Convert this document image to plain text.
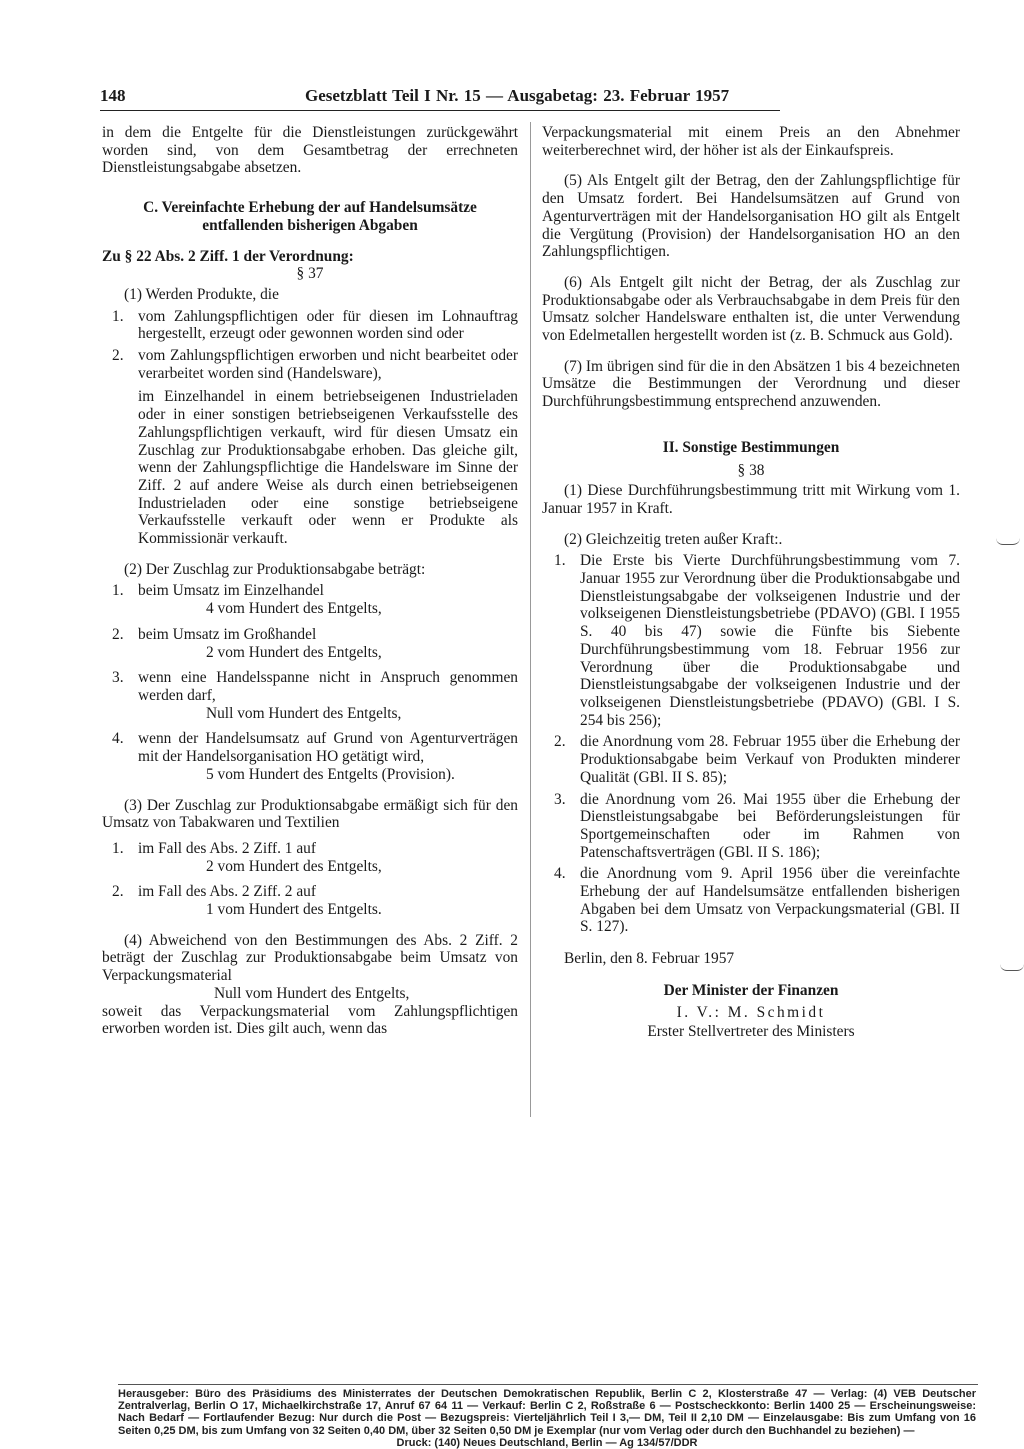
148	Gesetzblatt Teil I Nr. 15 — Ausgabetag: 23. Februar 1957

in dem die Entgelte für die Dienstleistungen zurückgewährt worden sind, von dem Gesamtbetrag der errechneten Dienstleistungsabgabe absetzen.

C. Vereinfachte Erhebung der auf Handelsumsätze

entfallenden bisherigen Abgaben

Zu § 22 Abs. 2 Ziff. 1 der Verordnung:

§ 37

(1) Werden Produkte, die

1. vom Zahlungspflichtigen oder für diesen im Lohnauftrag hergestellt, erzeugt oder gewonnen worden sind oder
2. vom Zahlungspflichtigen erworben und nicht bearbeitet oder verarbeitet worden sind (Handelsware),

im Einzelhandel in einem betriebseigenen Industrieladen oder in einer sonstigen betriebseigenen Verkaufsstelle des Zahlungspflichtigen verkauft, wird für diesen Umsatz ein Zuschlag zur Produktionsabgabe erhoben. Das gleiche gilt, wenn der Zahlungspflichtige die Handelsware im Sinne der Ziff. 2 auf andere Weise als durch einen betriebseigenen Industrieladen oder eine sonstige betriebseigene Verkaufsstelle verkauft oder wenn er Produkte als Kommissionär verkauft.

(2) Der Zuschlag zur Produktionsabgabe beträgt:

1. beim Umsatz im Einzelhandel

4 vom Hundert des Entgelts,

2. beim Umsatz im Großhandel

2 vom Hundert des Entgelts,

3. wenn eine Handelsspanne nicht in Anspruch genommen werden darf,

Null vom Hundert des Entgelts,

4. wenn der Handelsumsatz auf Grund von Agenturverträgen mit der Handelsorganisation HO getätigt wird,

5 vom Hundert des Entgelts (Provision).

(3) Der Zuschlag zur Produktionsabgabe ermäßigt sich für den Umsatz von Tabakwaren und Textilien

1. im Fall des Abs. 2 Ziff. 1 auf

2 vom Hundert des Entgelts,

2. im Fall des Abs. 2 Ziff. 2 auf

1 vom Hundert des Entgelts.

(4) Abweichend von den Bestimmungen des Abs. 2 Ziff. 2 beträgt der Zuschlag zur Produktionsabgabe beim Umsatz von Verpackungsmaterial

Null vom Hundert des Entgelts,

soweit das Verpackungsmaterial vom Zahlungspflichtigen erworben worden ist. Dies gilt auch, wenn das

Verpackungsmaterial mit einem Preis an den Abnehmer weiterberechnet wird, der höher ist als der Einkaufspreis.

(5) Als Entgelt gilt der Betrag, den der Zahlungspflichtige für den Umsatz fordert. Bei Handelsumsätzen auf Grund von Agenturverträgen mit der Handelsorganisation HO gilt als Entgelt die Vergütung (Provision) der Handelsorganisation HO an den Zahlungspflichtigen.

(6) Als Entgelt gilt nicht der Betrag, der als Zuschlag zur Produktionsabgabe oder als Verbrauchsabgabe in dem Preis für den Umsatz solcher Handelsware enthalten ist, die unter Verwendung von Edelmetallen hergestellt worden ist (z. B. Schmuck aus Gold).

(7) Im übrigen sind für die in den Absätzen 1 bis 4 bezeichneten Umsätze die Bestimmungen der Verordnung und dieser Durchführungsbestimmung entsprechend anzuwenden.

II. Sonstige Bestimmungen

§ 38

(1) Diese Durchführungsbestimmung tritt mit Wirkung vom 1. Januar 1957 in Kraft.

(2) Gleichzeitig treten außer Kraft:.

1. Die Erste bis Vierte Durchführungsbestimmung vom 7. Januar 1955 zur Verordnung über die Produktionsabgabe und Dienstleistungsabgabe der volkseigenen Industrie und der volkseigenen Dienstleistungsbetriebe (PDAVO) (GBl. I 1955 S. 40 bis 47) sowie die Fünfte bis Siebente Durchführungsbestimmung vom 18. Februar 1956 zur Verordnung über die Produktionsabgabe und Dienstleistungsabgabe der volkseigenen Industrie und der volkseigenen Dienstleistungsbetriebe (PDAVO) (GBl. I S. 254 bis 256);
2. die Anordnung vom 28. Februar 1955 über die Erhebung der Produktionsabgabe beim Verkauf von Produkten minderer Qualität (GBl. II S. 85);
3. die Anordnung vom 26. Mai 1955 über die Erhebung der Dienstleistungsabgabe bei Beförderungsleistungen für Sportgemeinschaften oder im Rahmen von Patenschaftsverträgen (GBl. II S. 186);
4. die Anordnung vom 9. April 1956 über die vereinfachte Erhebung der auf Handelsumsätze entfallenden bisherigen Abgaben bei dem Umsatz von Verpackungsmaterial (GBl. II S. 127).

Berlin, den 8. Februar 1957

Der Minister der Finanzen

I. V.: M. Schmidt

Erster Stellvertreter des Ministers

Herausgeber: Büro des Präsidiums des Ministerrates der Deutschen Demokratischen Republik, Berlin C 2, Klosterstraße 47 — Verlag: (4) VEB Deutscher Zentralverlag, Berlin O 17, Michaelkirchstraße 17, Anruf 67 64 11 — Verkauf: Berlin C 2, Roßstraße 6 — Postscheckkonto: Berlin 1400 25 — Erscheinungsweise: Nach Bedarf — Fortlaufender Bezug: Nur durch die Post — Bezugspreis: Vierteljährlich Teil I 3,— DM, Teil II 2,10 DM — Einzelausgabe: Bis zum Umfang von 16 Seiten 0,25 DM, bis zum Umfang von 32 Seiten 0,40 DM, über 32 Seiten 0,50 DM je Exemplar (nur vom Verlag oder durch den Buchhandel zu beziehen) —

Druck: (140) Neues Deutschland, Berlin — Ag 134/57/DDR
